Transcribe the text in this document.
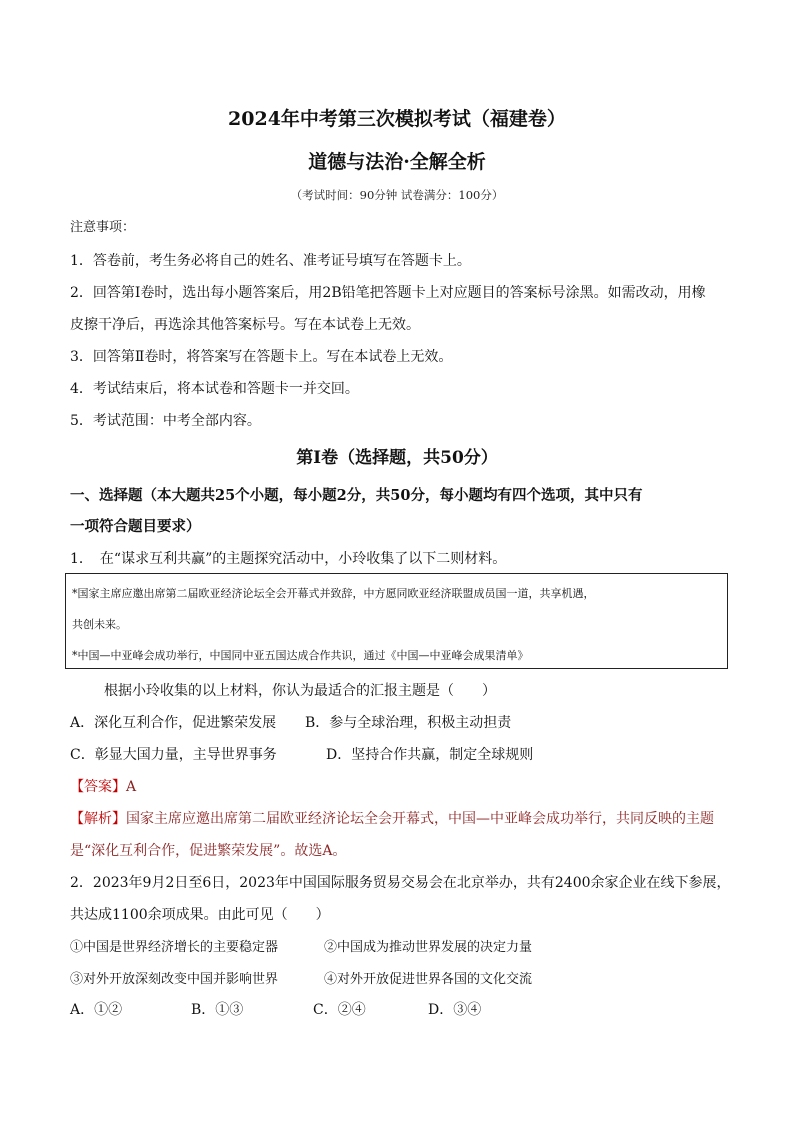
2024年中考第三次模拟考试（福建卷）
道德与法治·全解全析
（考试时间：90分钟 试卷满分：100分）
注意事项：
1．答卷前，考生务必将自己的姓名、准考证号填写在答题卡上。
2．回答第Ⅰ卷时，选出每小题答案后，用2B铅笔把答题卡上对应题目的答案标号涂黑。如需改动，用橡
皮擦干净后，再选涂其他答案标号。写在本试卷上无效。
3．回答第Ⅱ卷时，将答案写在答题卡上。写在本试卷上无效。
4．考试结束后，将本试卷和答题卡一并交回。
5．考试范围：中考全部内容。
第Ⅰ卷（选择题，共50分）
一、选择题（本大题共25个小题，每小题2分，共50分，每小题均有四个选项，其中只有
一项符合题目要求）
1．　在“谋求互利共赢”的主题探究活动中，小玲收集了以下二则材料。
*国家主席应邀出席第二届欧亚经济论坛全会开幕式并致辞，中方愿同欧亚经济联盟成员国一道，共享机遇，
共创未来。
*中国—中亚峰会成功举行，中国同中亚五国达成合作共识，通过《中国—中亚峰会成果清单》
根据小玲收集的以上材料，你认为最适合的汇报主题是（　　）
A．深化互利合作，促进繁荣发展 B．参与全球治理，积极主动担责
C．彰显大国力量，主导世界事务	D．坚持合作共赢，制定全球规则
【答案】A
【解析】国家主席应邀出席第二届欧亚经济论坛全会开幕式，中国—中亚峰会成功举行，共同反映的主题
是“深化互利合作，促进繁荣发展”。故选A。
2．2023年9月2日至6日，2023年中国国际服务贸易交易会在北京举办，共有2400余家企业在线下参展，
共达成1100余项成果。由此可见（　　）
①中国是世界经济增长的主要稳定器	②中国成为推动世界发展的决定力量
③对外开放深刻改变中国并影响世界	④对外开放促进世界各国的文化交流
A．①②	B．①③	C．②④	D．③④
